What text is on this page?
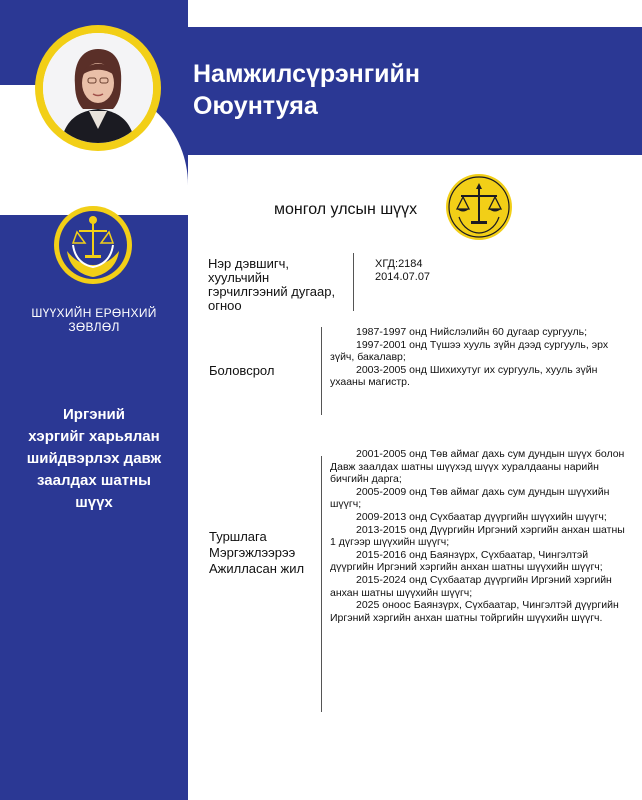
Намжилсүрэнгийн
Оюунтуяа
ШҮҮХИЙН ЕРӨНХИЙ
ЗӨВЛӨЛ
Иргэний
хэргийг харьялан
шийдвэрлэх давж
заалдах шатны
шүүх
монгол улсын шүүх
Нэр дэвшигч,
хуульчийн
гэрчилгээний дугаар,
огноо
ХГД:2184
2014.07.07
Боловсрол

1987-1997 онд Нийслэлийн 60 дугаар сургууль;

1997-2001 онд Түшээ хууль зүйн дээд сургууль, эрх зүйч, бакалавр;

2003-2005 онд Шихихутуг их сургууль, хууль зүйн ухааны магистр.

Туршлага
Мэргэжлээрээ
Ажилласан жил

2001-2005 онд Төв аймаг дахь сум дундын шүүх болон Давж заалдах шатны шүүхэд шүүх хуралдааны нарийн бичгийн дарга;

2005-2009 онд Төв аймаг дахь сум дундын шүүхийн шүүгч;

2009-2013 онд Сүхбаатар дүүргийн шүүхийн шүүгч;

2013-2015 онд Дүүргийн Иргэний хэргийн анхан шатны 1 дүгээр шүүхийн шүүгч;

2015-2016 онд Баянзүрх, Сүхбаатар, Чингэлтэй дүүргийн Иргэний хэргийн анхан шатны шүүхийн шүүгч;

2015-2024 онд Сүхбаатар дүүргийн Иргэний хэргийн анхан шатны шүүхийн шүүгч;

2025 оноос Баянзүрх, Сүхбаатар, Чингэлтэй дүүргийн Иргэний хэргийн анхан шатны тойргийн шүүхийн шүүгч.
